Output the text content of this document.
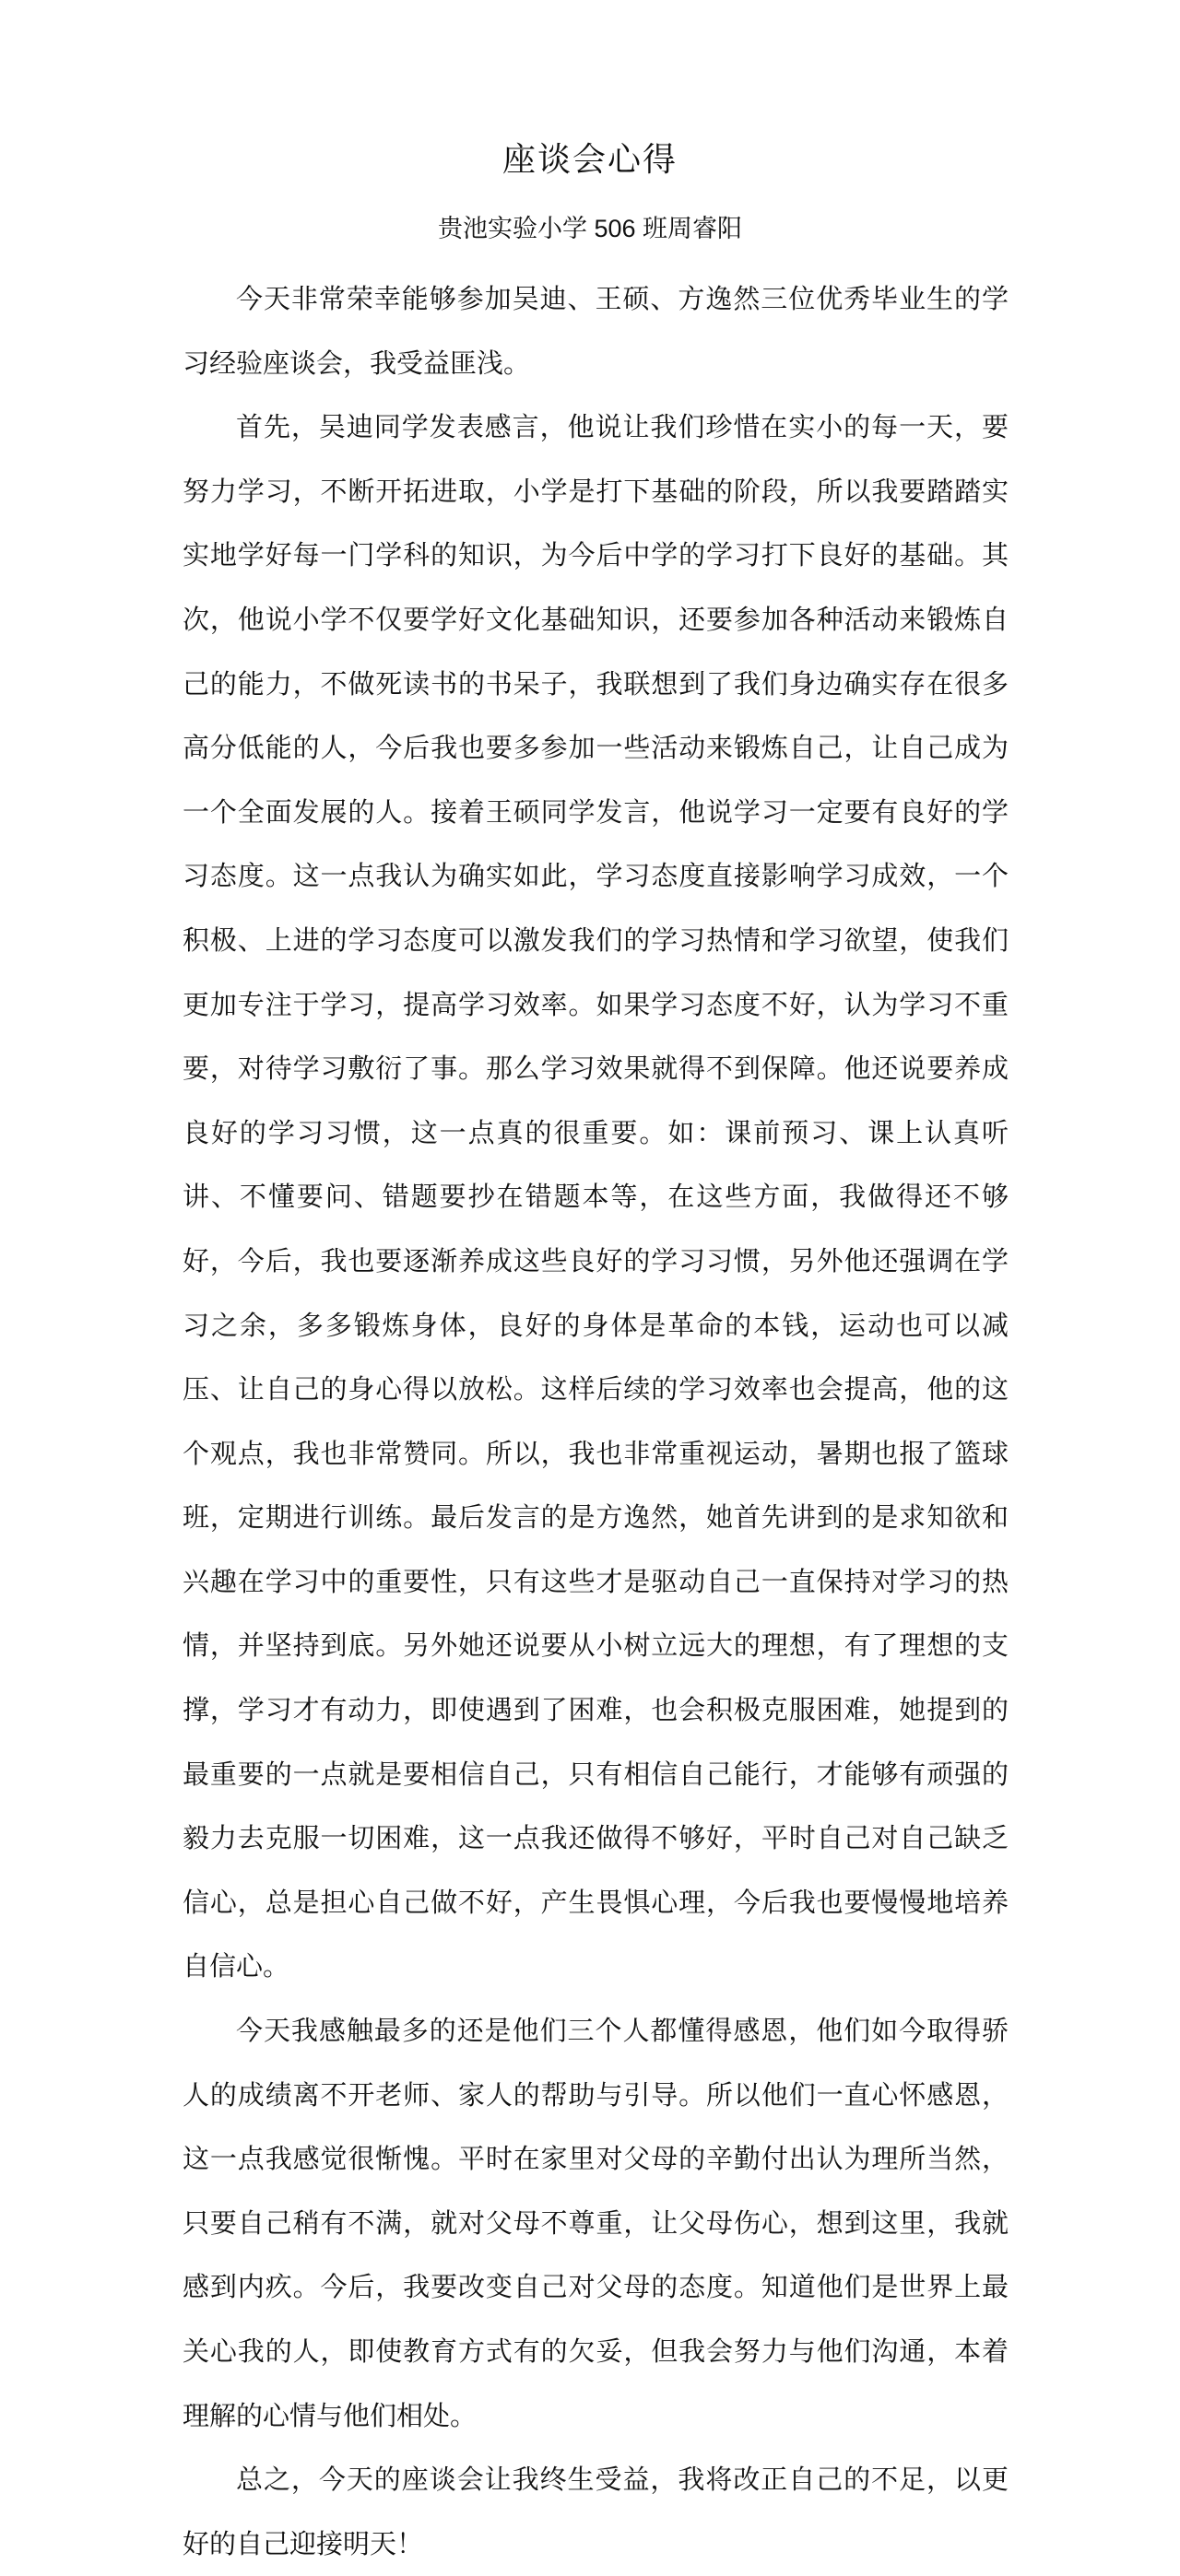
座谈会心得
贵池实验小学 506 班周睿阳

今天非常荣幸能够参加吴迪、王硕、方逸然三位优秀毕业生的学习经验座谈会，我受益匪浅。

首先，吴迪同学发表感言，他说让我们珍惜在实小的每一天，要努力学习，不断开拓进取，小学是打下基础的阶段，所以我要踏踏实实地学好每一门学科的知识，为今后中学的学习打下良好的基础。其次，他说小学不仅要学好文化基础知识，还要参加各种活动来锻炼自己的能力，不做死读书的书呆子，我联想到了我们身边确实存在很多高分低能的人，今后我也要多参加一些活动来锻炼自己，让自己成为一个全面发展的人。接着王硕同学发言，他说学习一定要有良好的学习态度。这一点我认为确实如此，学习态度直接影响学习成效，一个积极、上进的学习态度可以激发我们的学习热情和学习欲望，使我们更加专注于学习，提高学习效率。如果学习态度不好，认为学习不重要，对待学习敷衍了事。那么学习效果就得不到保障。他还说要养成良好的学习习惯，这一点真的很重要。如：课前预习、课上认真听讲、不懂要问、错题要抄在错题本等，在这些方面，我做得还不够好，今后，我也要逐渐养成这些良好的学习习惯，另外他还强调在学习之余，多多锻炼身体，良好的身体是革命的本钱，运动也可以减压、让自己的身心得以放松。这样后续的学习效率也会提高，他的这个观点，我也非常赞同。所以，我也非常重视运动，暑期也报了篮球班，定期进行训练。最后发言的是方逸然，她首先讲到的是求知欲和兴趣在学习中的重要性，只有这些才是驱动自己一直保持对学习的热情，并坚持到底。另外她还说要从小树立远大的理想，有了理想的支撑，学习才有动力，即使遇到了困难，也会积极克服困难，她提到的最重要的一点就是要相信自己，只有相信自己能行，才能够有顽强的毅力去克服一切困难，这一点我还做得不够好，平时自己对自己缺乏信心，总是担心自己做不好，产生畏惧心理，今后我也要慢慢地培养自信心。

今天我感触最多的还是他们三个人都懂得感恩，他们如今取得骄人的成绩离不开老师、家人的帮助与引导。所以他们一直心怀感恩，这一点我感觉很惭愧。平时在家里对父母的辛勤付出认为理所当然，只要自己稍有不满，就对父母不尊重，让父母伤心，想到这里，我就感到内疚。今后，我要改变自己对父母的态度。知道他们是世界上最关心我的人，即使教育方式有的欠妥，但我会努力与他们沟通，本着理解的心情与他们相处。

总之，今天的座谈会让我终生受益，我将改正自己的不足，以更好的自己迎接明天！
